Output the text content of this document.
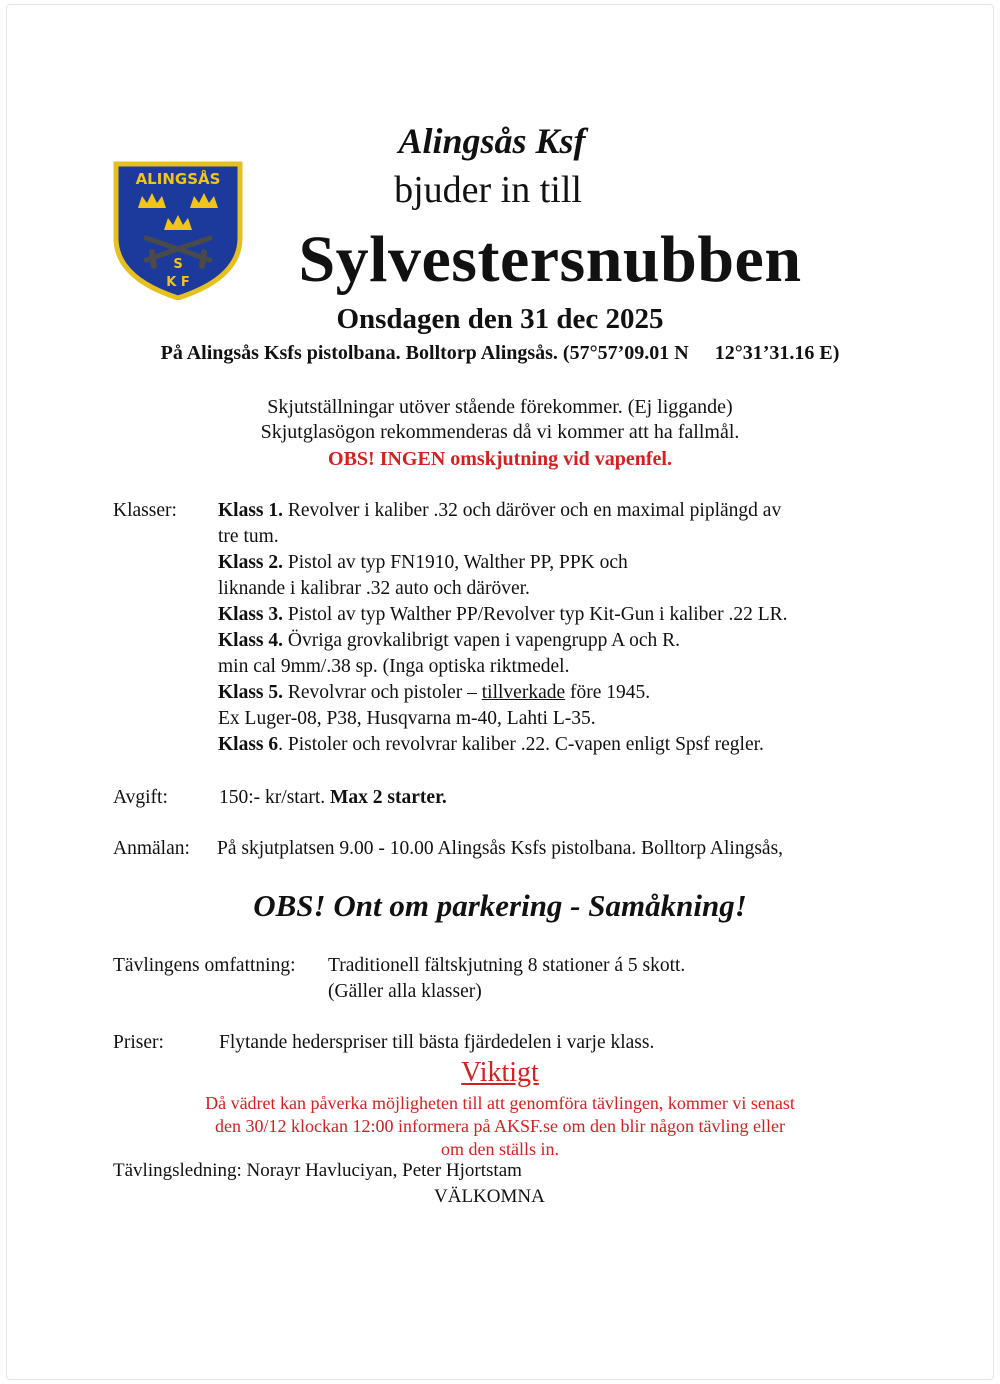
ALINGSÅS
S
K F
Alingsås Ksf
bjuder in till
Sylvestersnubben
Onsdagen den 31 dec 2025
På Alingsås Ksfs pistolbana. Bolltorp Alingsås. (57°57’09.01 N 12°31’31.16 E)
Skjutställningar utöver stående förekommer. (Ej liggande)
Skjutglasögon rekommenderas då vi kommer att ha fallmål.
OBS! INGEN omskjutning vid vapenfel.
Klasser: Klass 1. Revolver i kaliber .32 och däröver och en maximal piplängd av
tre tum.
Klass 2. Pistol av typ FN1910, Walther PP, PPK och
liknande i kalibrar .32 auto och däröver.
Klass 3. Pistol av typ Walther PP/Revolver typ Kit-Gun i kaliber .22 LR.
Klass 4. Övriga grovkalibrigt vapen i vapengrupp A och R.
min cal 9mm/.38 sp. (Inga optiska riktmedel.
Klass 5. Revolvrar och pistoler – tillverkade före 1945.
Ex Luger-08, P38, Husqvarna m-40, Lahti L-35.
Klass 6. Pistoler och revolvrar kaliber .22. C-vapen enligt Spsf regler.
Avgift:	150:- kr/start. Max 2 starter.
Anmälan: På skjutplatsen 9.00 - 10.00 Alingsås Ksfs pistolbana. Bolltorp Alingsås,
OBS! Ont om parkering - Samåkning!
Tävlingens omfattning: Traditionell fältskjutning 8 stationer á 5 skott.
(Gäller alla klasser)
Priser:	Flytande hederspriser till bästa fjärdedelen i varje klass.
Viktigt
Då vädret kan påverka möjligheten till att genomföra tävlingen, kommer vi senast
den 30/12 klockan 12:00 informera på AKSF.se om den blir någon tävling eller
om den ställs in.
Tävlingsledning: Norayr Havluciyan, Peter Hjortstam
VÄLKOMNA
